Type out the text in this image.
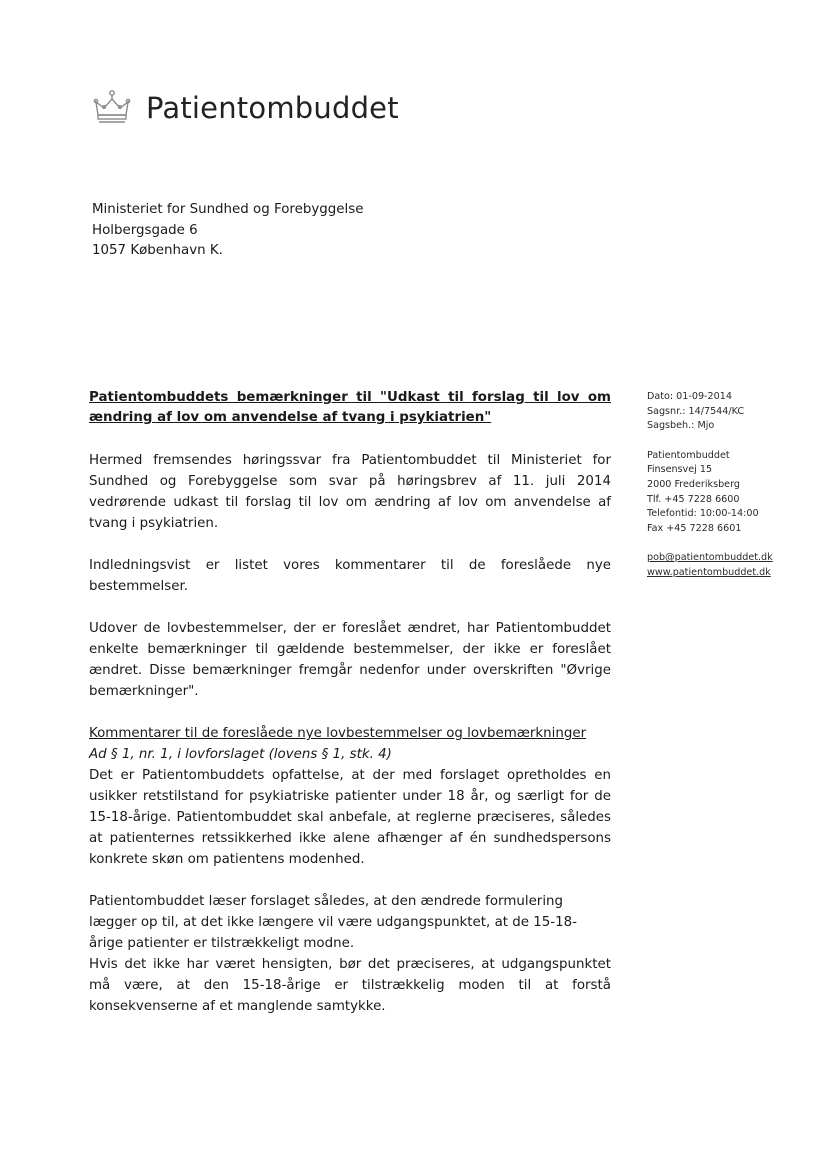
Patientombuddet
Ministeriet for Sundhed og Forebyggelse
Holbergsgade 6
1057 København K.
Patientombuddets bemærkninger til "Udkast til forslag til lov om ændring af lov om anvendelse af tvang i psykiatrien"

Hermed fremsendes høringssvar fra Patientombuddet til Ministeriet for Sundhed og Forebyggelse som svar på høringsbrev af 11. juli 2014 vedrørende udkast til forslag til lov om ændring af lov om anvendelse af tvang i psykiatrien.

Indledningsvist er listet vores kommentarer til de foreslåede nye bestemmelser.

Udover de lovbestemmelser, der er foreslået ændret, har Patientombuddet enkelte bemærkninger til gældende bestemmelser, der ikke er foreslået ændret. Disse bemærkninger fremgår nedenfor under overskriften "Øvrige bemærkninger".

Kommentarer til de foreslåede nye lovbestemmelser og lovbemærkninger
Ad § 1, nr. 1, i lovforslaget (lovens § 1, stk. 4)

Det er Patientombuddets opfattelse, at der med forslaget opretholdes en usikker retstilstand for psykiatriske patienter under 18 år, og særligt for de 15-18-årige. Patientombuddet skal anbefale, at reglerne præciseres, således at patienternes retssikkerhed ikke alene afhænger af én sundhedspersons konkrete skøn om patientens modenhed.

Patientombuddet læser forslaget således, at den ændrede formulering lægger op til, at det ikke længere vil være udgangspunktet, at de 15-18-årige patienter er tilstrækkeligt modne.

Hvis det ikke har været hensigten, bør det præciseres, at udgangspunktet må være, at den 15-18-årige er tilstrækkelig moden til at forstå konsekvenserne af et manglende samtykke.

Dato: 01-09-2014
Sagsnr.: 14/7544/KC
Sagsbeh.: Mjo
Patientombuddet
Finsensvej 15
2000 Frederiksberg
Tlf. +45 7228 6600
Telefontid: 10:00-14:00
Fax +45 7228 6601
pob@patientombuddet.dk
www.patientombuddet.dk
